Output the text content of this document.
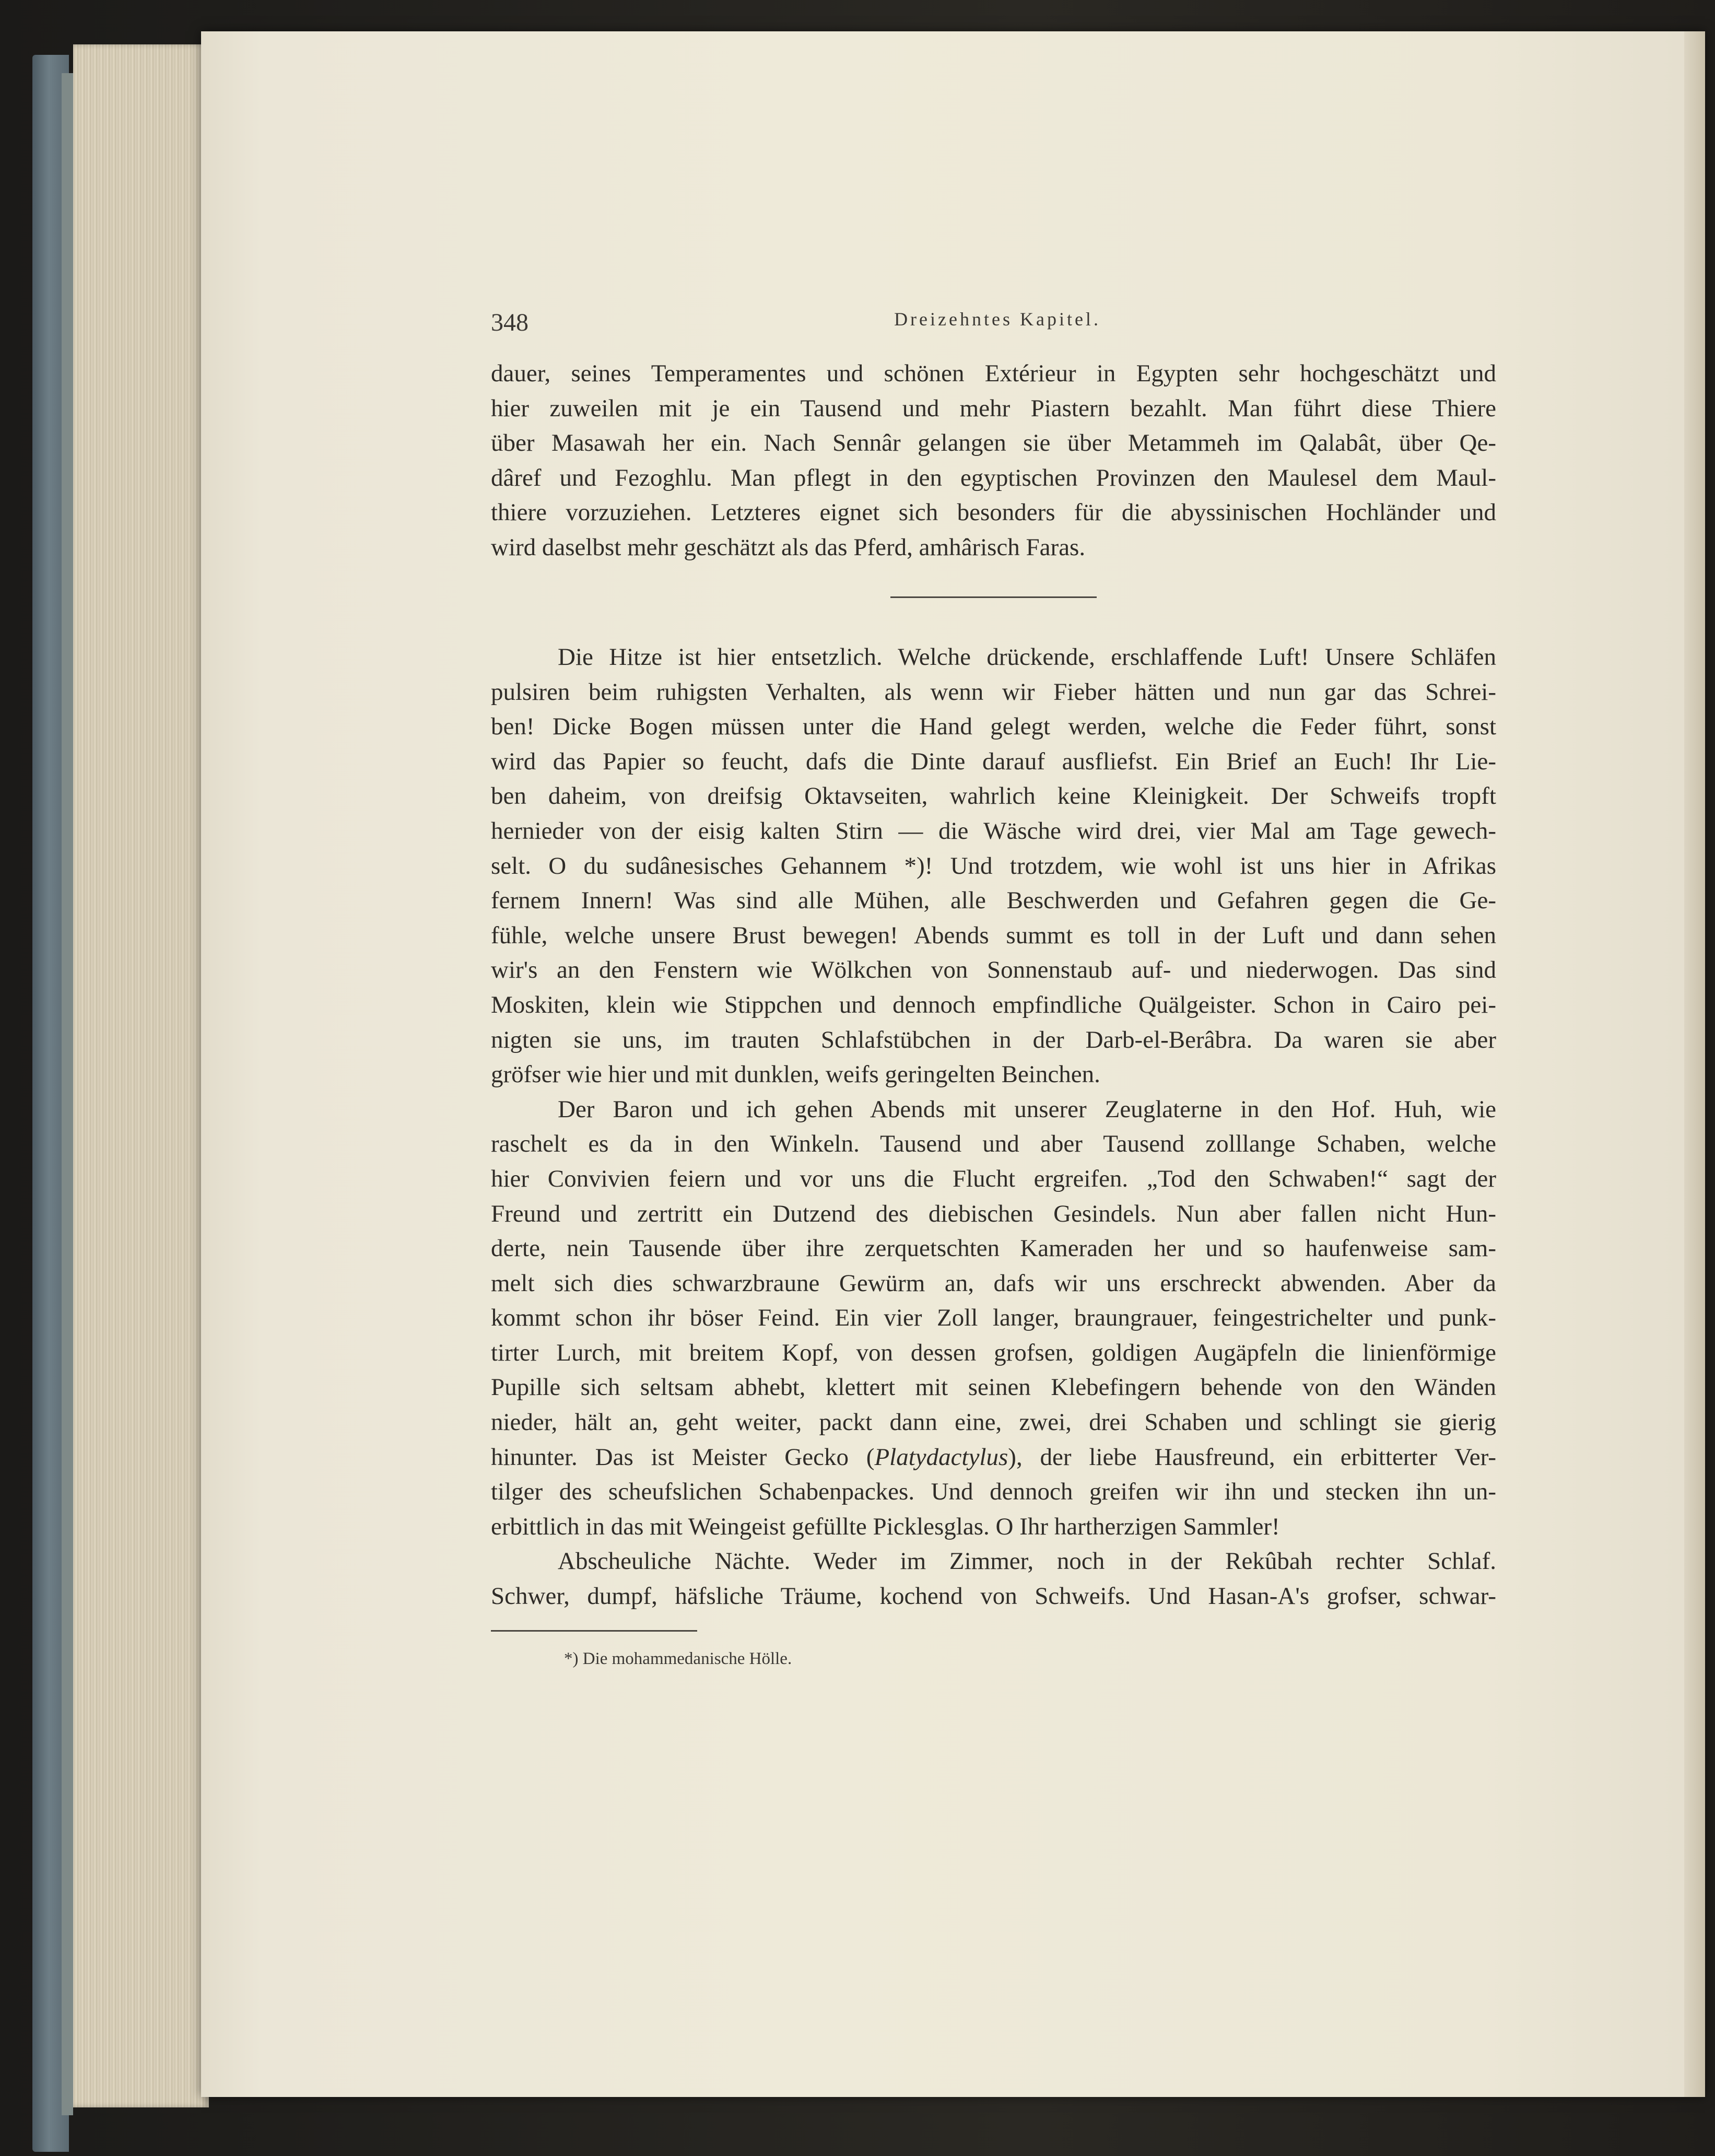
348	Dreizehntes Kapitel.
dauer, seines Temperamentes und schönen Extérieur in Egypten sehr hochgeschätzt und
hier zuweilen mit je ein Tausend und mehr Piastern bezahlt. Man führt diese Thiere
über Masawah her ein. Nach Sennâr gelangen sie über Metammeh im Qalabât, über Qe-
dâref und Fezoghlu. Man pflegt in den egyptischen Provinzen den Maulesel dem Maul-
thiere vorzuziehen. Letzteres eignet sich besonders für die abyssinischen Hochländer und
wird daselbst mehr geschätzt als das Pferd, amhârisch Faras.
Die Hitze ist hier entsetzlich. Welche drückende, erschlaffende Luft! Unsere Schläfen
pulsiren beim ruhigsten Verhalten, als wenn wir Fieber hätten und nun gar das Schrei-
ben! Dicke Bogen müssen unter die Hand gelegt werden, welche die Feder führt, sonst
wird das Papier so feucht, dafs die Dinte darauf ausfliefst. Ein Brief an Euch! Ihr Lie-
ben daheim, von dreifsig Oktavseiten, wahrlich keine Kleinigkeit. Der Schweifs tropft
hernieder von der eisig kalten Stirn — die Wäsche wird drei, vier Mal am Tage gewech-
selt. O du sudânesisches Gehannem *)! Und trotzdem, wie wohl ist uns hier in Afrikas
fernem Innern! Was sind alle Mühen, alle Beschwerden und Gefahren gegen die Ge-
fühle, welche unsere Brust bewegen! Abends summt es toll in der Luft und dann sehen
wir's an den Fenstern wie Wölkchen von Sonnenstaub auf- und niederwogen. Das sind
Moskiten, klein wie Stippchen und dennoch empfindliche Quälgeister. Schon in Cairo pei-
nigten sie uns, im trauten Schlafstübchen in der Darb-el-Berâbra. Da waren sie aber
gröfser wie hier und mit dunklen, weifs geringelten Beinchen.
Der Baron und ich gehen Abends mit unserer Zeuglaterne in den Hof. Huh, wie
raschelt es da in den Winkeln. Tausend und aber Tausend zolllange Schaben, welche
hier Convivien feiern und vor uns die Flucht ergreifen. „Tod den Schwaben!“ sagt der
Freund und zertritt ein Dutzend des diebischen Gesindels. Nun aber fallen nicht Hun-
derte, nein Tausende über ihre zerquetschten Kameraden her und so haufenweise sam-
melt sich dies schwarzbraune Gewürm an, dafs wir uns erschreckt abwenden. Aber da
kommt schon ihr böser Feind. Ein vier Zoll langer, braungrauer, feingestrichelter und punk-
tirter Lurch, mit breitem Kopf, von dessen grofsen, goldigen Augäpfeln die linienförmige
Pupille sich seltsam abhebt, klettert mit seinen Klebefingern behende von den Wänden
nieder, hält an, geht weiter, packt dann eine, zwei, drei Schaben und schlingt sie gierig
hinunter. Das ist Meister Gecko (Platydactylus), der liebe Hausfreund, ein erbitterter Ver-
tilger des scheufslichen Schabenpackes. Und dennoch greifen wir ihn und stecken ihn un-
erbittlich in das mit Weingeist gefüllte Picklesglas. O Ihr hartherzigen Sammler!
Abscheuliche Nächte. Weder im Zimmer, noch in der Rekûbah rechter Schlaf.
Schwer, dumpf, häfsliche Träume, kochend von Schweifs. Und Hasan-A's grofser, schwar-
*) Die mohammedanische Hölle.
